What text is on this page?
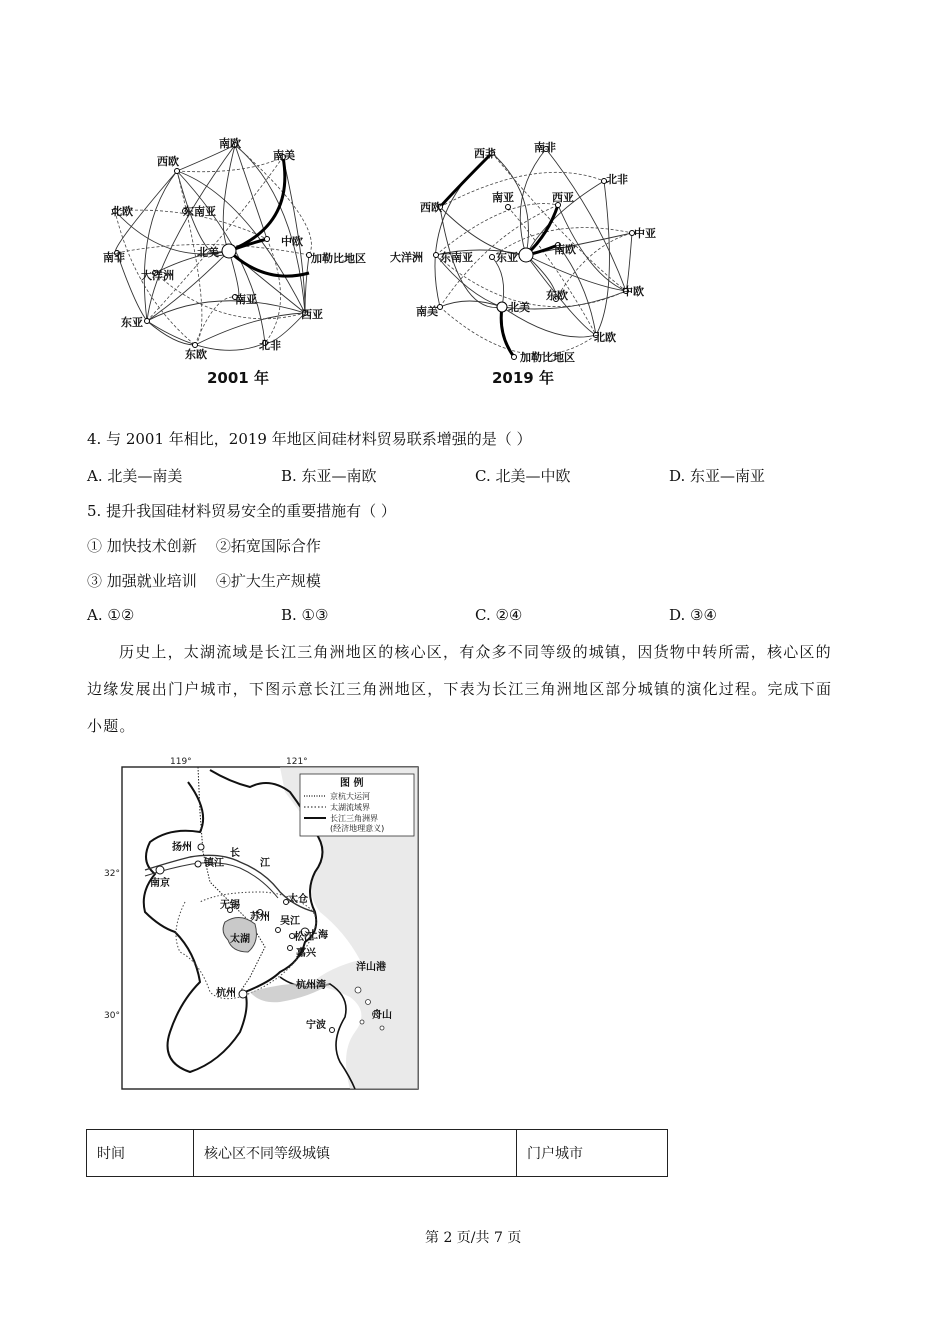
南欧
南美
西欧
北欧	东南亚
中欧
北美	加勒比地区
南非
大洋洲
东亚
南亚
西亚
东欧
北非
2001 年
西非	南非
北非
西欧
南亚	西亚
中亚
大洋洲 东南亚 东亚
南欧
南美	北美
东欧	中欧
北欧
加勒比地区
2019 年
4. 与 2001 年相比，2019 年地区间硅材料贸易联系增强的是（ ）
A. 北美—南美	B. 东亚—南欧	C. 北美—中欧	D. 东亚—南亚
5. 提升我国硅材料贸易安全的重要措施有（ ）
① 加快技术创新    ②拓宽国际合作
③ 加强就业培训    ④扩大生产规模
A. ①②	B. ①③	C. ②④	D. ③④
历史上，太湖流域是长江三角洲地区的核心区，有众多不同等级的城镇，因货物中转所需，核心区的
边缘发展出门户城市，下图示意长江三角洲地区，下表为长江三角洲地区部分城镇的演化过程。完成下面
小题。
119°	121°
32°
30°
扬州
镇江
南京
长
江
无锡
苏州
太仓
上海
太湖
吴江
松江
嘉兴
杭州
杭州湾
洋山港
宁波
舟山
图 例
京杭大运河
太湖流域界
长江三角洲界
(经济地理意义)
时间	核心区不同等级城镇	门户城市
第 2 页/共 7 页
